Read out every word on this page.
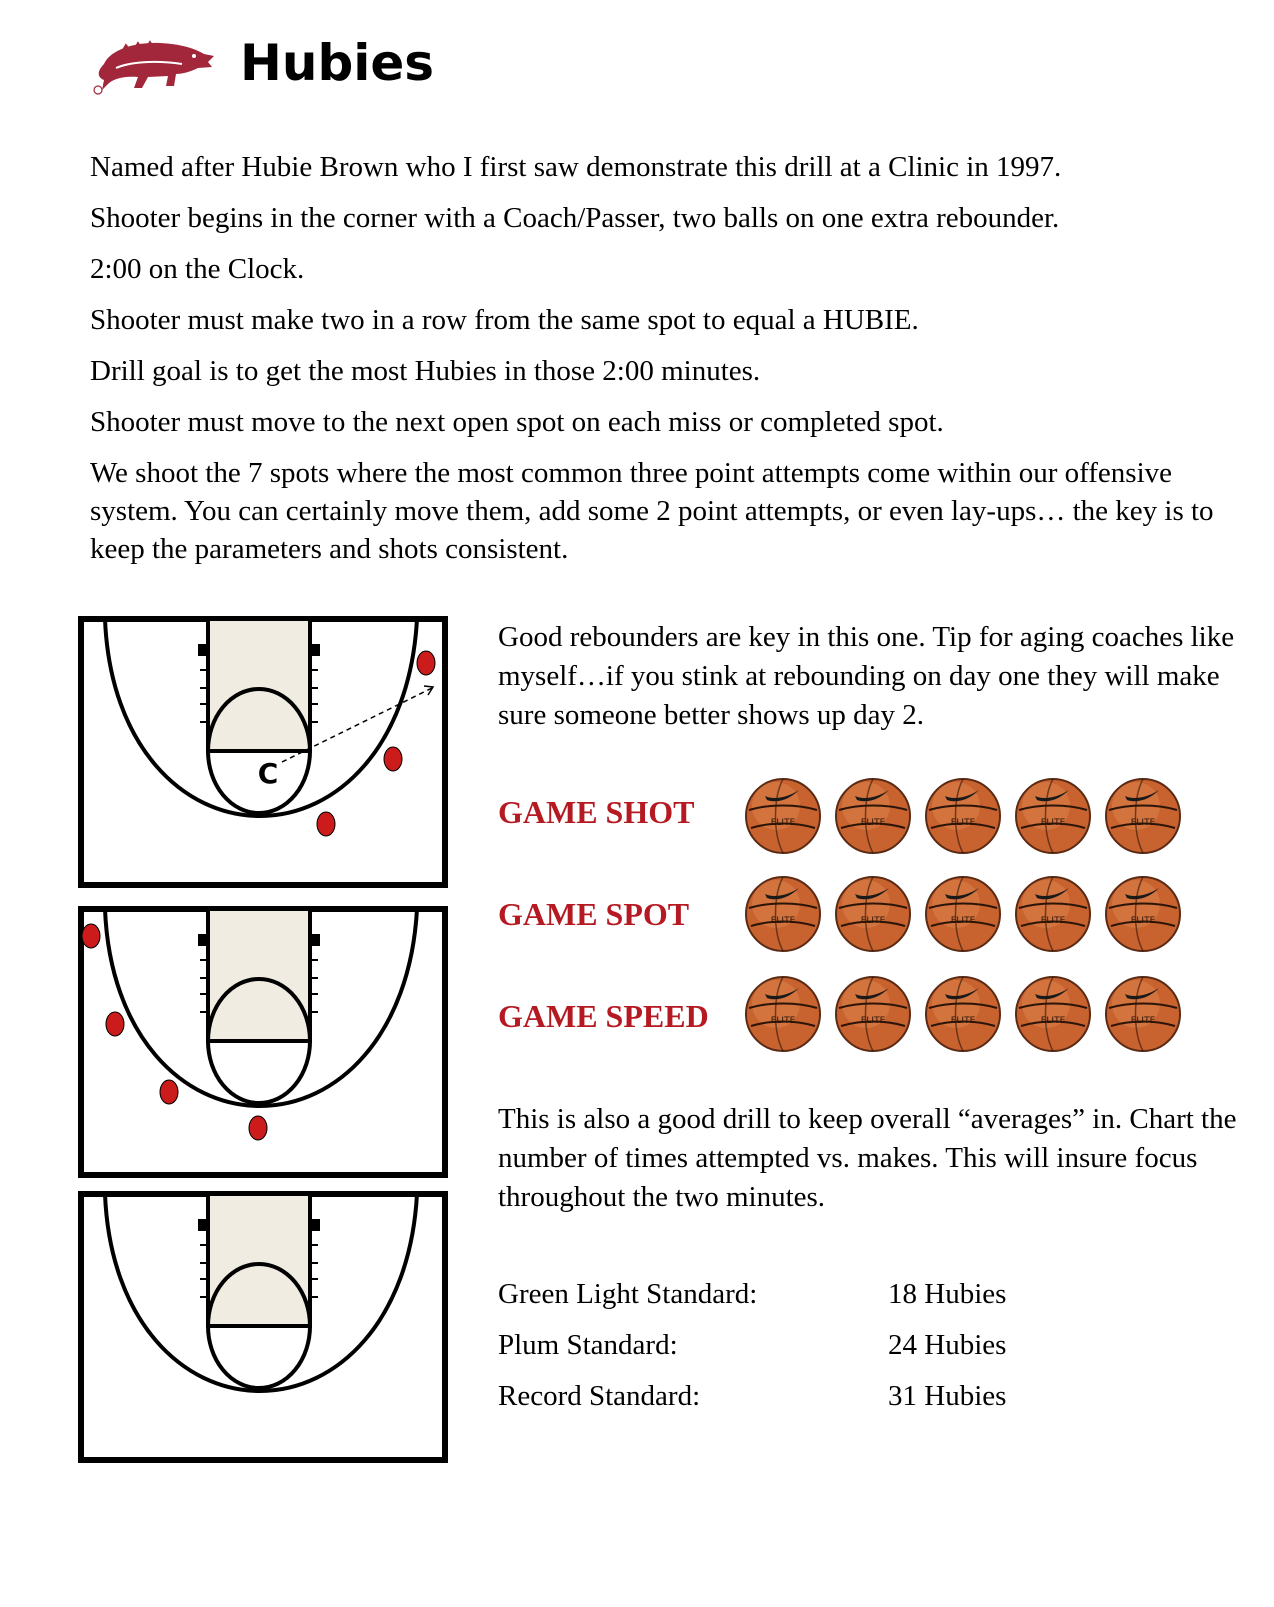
Hubies

Named after Hubie Brown who I first saw demonstrate this drill at a Clinic in 1997.

Shooter begins in the corner with a Coach/Passer, two balls on one extra rebounder.

2:00 on the Clock.

Shooter must make two in a row from the same spot to equal a HUBIE.

Drill goal is to get the most Hubies in those 2:00 minutes.

Shooter must move to the next open spot on each miss or completed spot.

We shoot the 7 spots where the most common three point attempts come within our offensive system. You can certainly move them, add some 2 point attempts, or even lay-ups… the key is to keep the parameters and shots consistent.

C

Good rebounders are key in this one. Tip for aging coaches like myself…if you stink at rebounding on day one they will make sure someone better shows up day 2.

GAME SHOT
GAME SPOT
GAME SPEED
ELITE	ELITE	ELITE	ELITE	ELITE
ELITE	ELITE	ELITE	ELITE	ELITE
ELITE	ELITE	ELITE	ELITE	ELITE

This is also a good drill to keep overall “averages” in. Chart the number of times attempted vs. makes. This will insure focus throughout the two minutes.

Green Light Standard:	18 Hubies
Plum Standard:	24 Hubies
Record Standard:	31 Hubies
